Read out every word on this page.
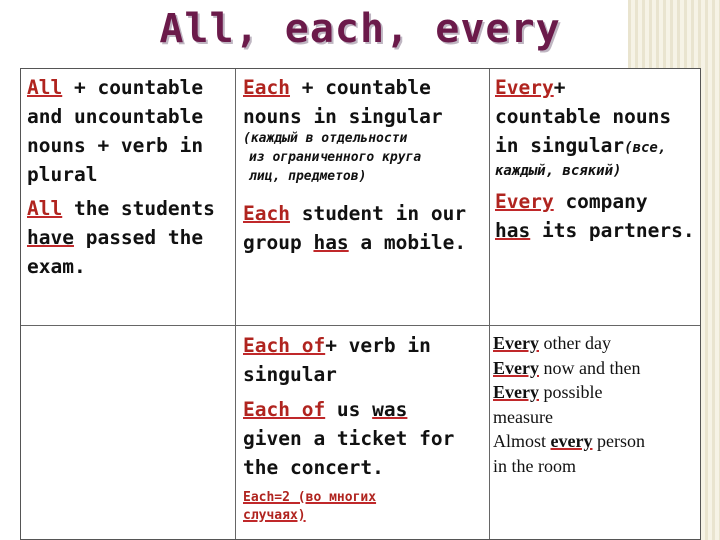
All, each, every
All + countable
and uncountable
nouns + verb in
plural
All the students
have passed the
exam.
Each + countable
nouns in singular
(каждый в отдельности
из ограниченного круга
лиц, предметов)
Each student in our
group has a mobile.
Each of+ verb in
singular
Each of us was
given a ticket for
the concert.
Each=2 (во многих
случаях)
Every+
countable nouns
in singular(все,
каждый, всякий)
Every company
has its partners.
Every other day
Every now and then
Every possible
measure
Almost every person
in the room
